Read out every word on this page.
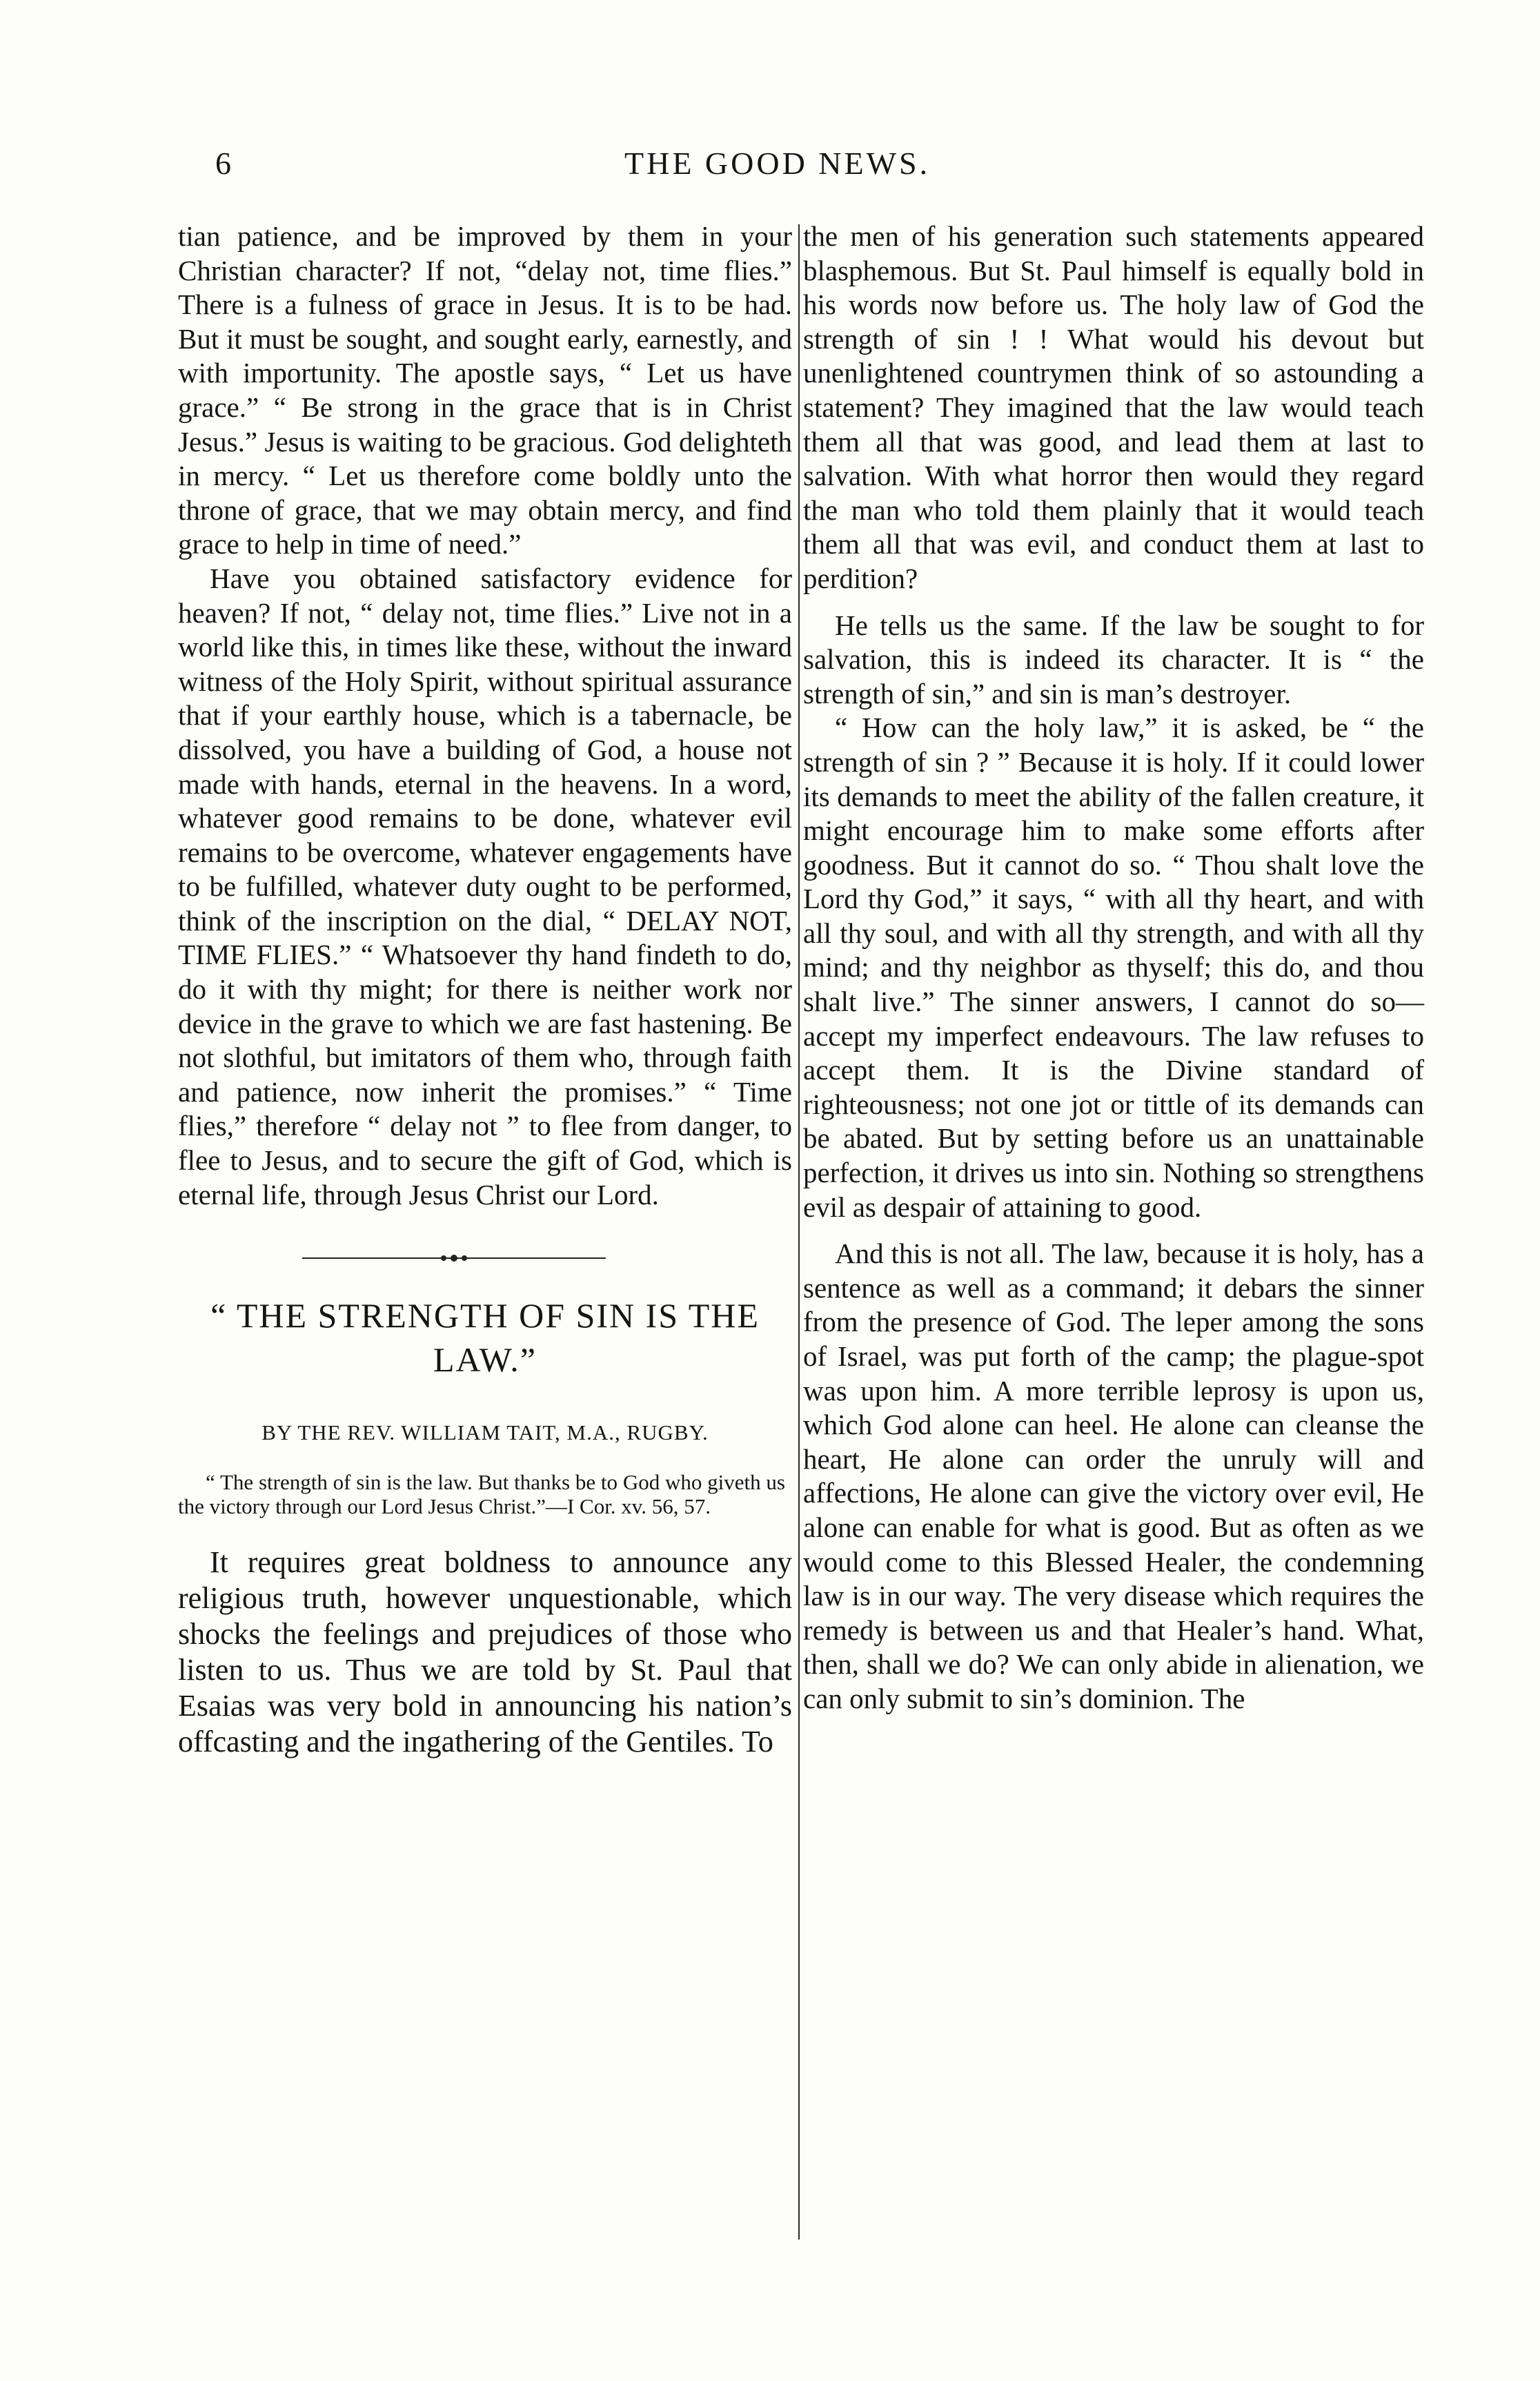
6	THE GOOD NEWS.

tian patience, and be improved by them in your Christian character? If not, “delay not, time flies.” There is a fulness of grace in Jesus. It is to be had. But it must be sought, and sought early, earnestly, and with importunity. The apostle says, “ Let us have grace.” “ Be strong in the grace that is in Christ Jesus.” Jesus is waiting to be gracious. God delighteth in mercy. “ Let us therefore come boldly unto the throne of grace, that we may obtain mercy, and find grace to help in time of need.”

Have you obtained satisfactory evidence for heaven? If not, “ delay not, time flies.” Live not in a world like this, in times like these, without the inward witness of the Holy Spirit, without spiritual assurance that if your earthly house, which is a tabernacle, be dissolved, you have a building of God, a house not made with hands, eternal in the heavens. In a word, whatever good remains to be done, whatever evil remains to be overcome, whatever engagements have to be fulfilled, whatever duty ought to be performed, think of the inscription on the dial, “ DELAY NOT, TIME FLIES.” “ Whatsoever thy hand findeth to do, do it with thy might; for there is neither work nor device in the grave to which we are fast hastening. Be not slothful, but imitators of them who, through faith and patience, now inherit the promises.” “ Time flies,” therefore “ delay not ” to flee from danger, to flee to Jesus, and to secure the gift of God, which is eternal life, through Jesus Christ our Lord.

“ THE STRENGTH OF SIN IS THE LAW.”
BY THE REV. WILLIAM TAIT, M.A., RUGBY.
“ The strength of sin is the law. But thanks be to God who giveth us the victory through our Lord Jesus Christ.”—I Cor. xv. 56, 57.

It requires great boldness to announce any religious truth, however unquestionable, which shocks the feelings and prejudices of those who listen to us. Thus we are told by St. Paul that Esaias was very bold in announcing his nation’s offcasting and the ingathering of the Gentiles. To

the men of his generation such statements appeared blasphemous. But St. Paul himself is equally bold in his words now before us. The holy law of God the strength of sin ! ! What would his devout but unenlightened countrymen think of so astounding a statement? They imagined that the law would teach them all that was good, and lead them at last to salvation. With what horror then would they regard the man who told them plainly that it would teach them all that was evil, and conduct them at last to perdition?

He tells us the same. If the law be sought to for salvation, this is indeed its character. It is “ the strength of sin,” and sin is man’s destroyer.

“ How can the holy law,” it is asked, be “ the strength of sin ? ” Because it is holy. If it could lower its demands to meet the ability of the fallen creature, it might encourage him to make some efforts after goodness. But it cannot do so. “ Thou shalt love the Lord thy God,” it says, “ with all thy heart, and with all thy soul, and with all thy strength, and with all thy mind; and thy neighbor as thyself; this do, and thou shalt live.” The sinner answers, I cannot do so—accept my imperfect endeavours. The law refuses to accept them. It is the Divine standard of righteousness; not one jot or tittle of its demands can be abated. But by setting before us an unattainable perfection, it drives us into sin. Nothing so strengthens evil as despair of attaining to good.

And this is not all. The law, because it is holy, has a sentence as well as a command; it debars the sinner from the presence of God. The leper among the sons of Israel, was put forth of the camp; the plague-spot was upon him. A more terrible leprosy is upon us, which God alone can heel. He alone can cleanse the heart, He alone can order the unruly will and affections, He alone can give the victory over evil, He alone can enable for what is good. But as often as we would come to this Blessed Healer, the condemning law is in our way. The very disease which requires the remedy is between us and that Healer’s hand. What, then, shall we do? We can only abide in alienation, we can only submit to sin’s dominion. The
